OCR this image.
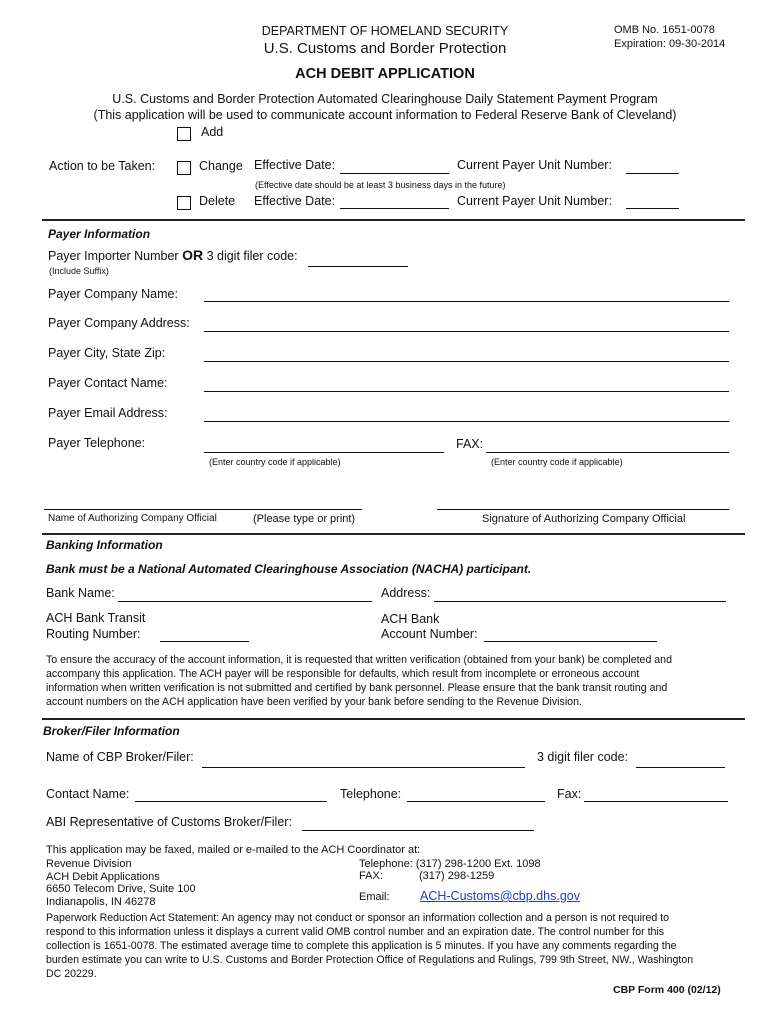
DEPARTMENT OF HOMELAND SECURITY
U.S. Customs and Border Protection
OMB No. 1651-0078
Expiration: 09-30-2014
ACH DEBIT APPLICATION
U.S. Customs and Border Protection Automated Clearinghouse Daily Statement Payment Program
(This application will be used to communicate account information to Federal Reserve Bank of Cleveland)
Add
Action to be Taken:	Change Effective Date:	Current Payer Unit Number:
(Effective date should be at least 3 business days in the future)
Delete Effective Date:	Current Payer Unit Number:
Payer Information
Payer Importer Number OR 3 digit filer code:
(Include Suffix)
Payer Company Name:
Payer Company Address:
Payer City, State Zip:
Payer Contact Name:
Payer Email Address:
Payer Telephone:	FAX:
(Enter country code if applicable)	(Enter country code if applicable)
Name of Authorizing Company Official	(Please type or print)	Signature of Authorizing Company Official
Banking Information
Bank must be a National Automated Clearinghouse Association (NACHA) participant.
Bank Name:	Address:
ACH Bank Transit
Routing Number:
ACH Bank
Account Number:
To ensure the accuracy of the account information, it is requested that written verification (obtained from your bank) be completed and
accompany this application. The ACH payer will be responsible for defaults, which result from incomplete or erroneous account
information when written verification is not submitted and certified by bank personnel. Please ensure that the bank transit routing and
account numbers on the ACH application have been verified by your bank before sending to the Revenue Division.
Broker/Filer Information
Name of CBP Broker/Filer:	3 digit filer code:
Contact Name:	Telephone:	Fax:
ABI Representative of Customs Broker/Filer:
This application may be faxed, mailed or e-mailed to the ACH Coordinator at:
Revenue Division
ACH Debit Applications
6650 Telecom Drive, Suite 100
Indianapolis, IN 46278
Telephone: (317) 298-1200 Ext. 1098
FAX:	(317) 298-1259
Email: ACH-Customs@cbp.dhs.gov
Paperwork Reduction Act Statement: An agency may not conduct or sponsor an information collection and a person is not required to
respond to this information unless it displays a current valid OMB control number and an expiration date. The control number for this
collection is 1651-0078. The estimated average time to complete this application is 5 minutes. If you have any comments regarding the
burden estimate you can write to U.S. Customs and Border Protection Office of Regulations and Rulings, 799 9th Street, NW., Washington
DC 20229.
CBP Form 400 (02/12)
